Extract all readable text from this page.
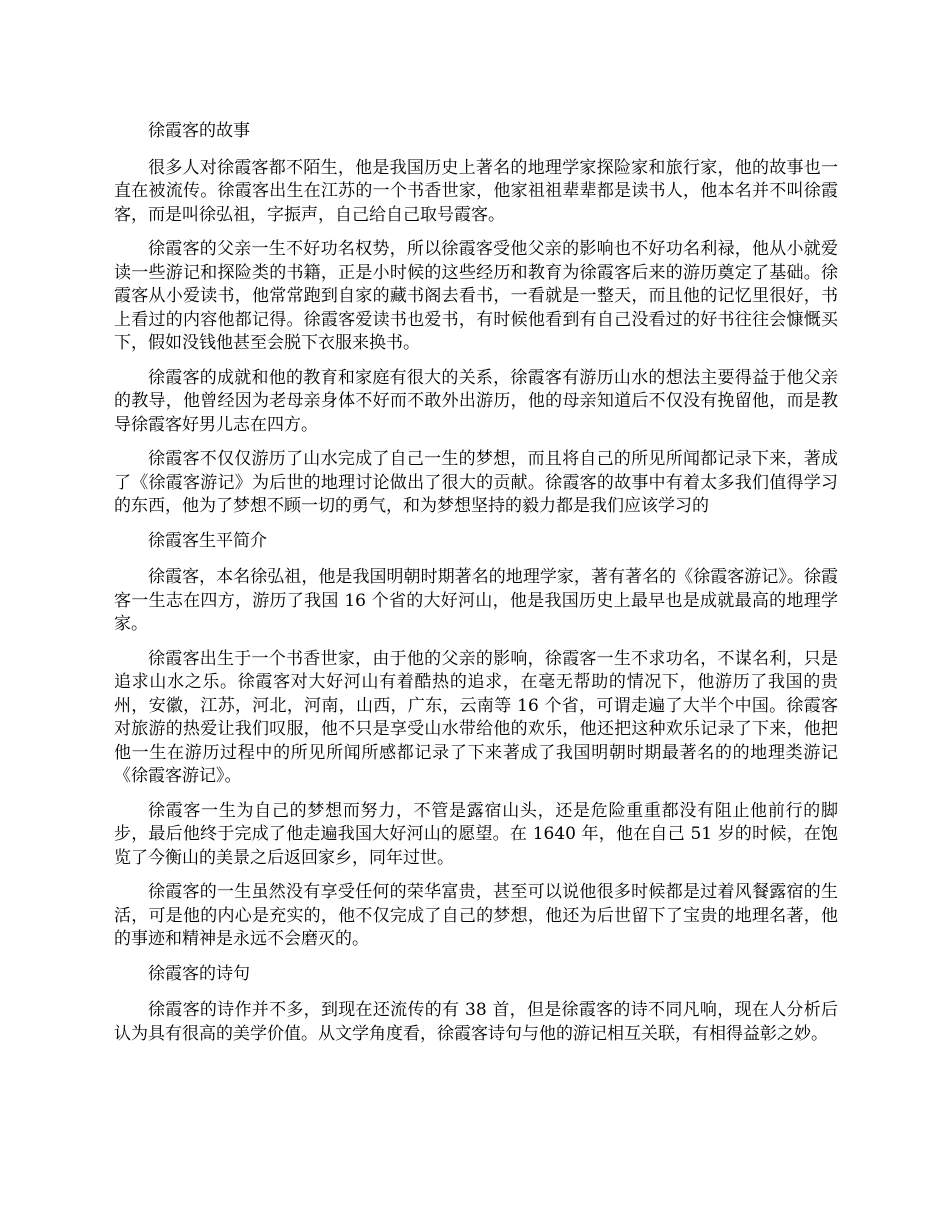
徐霞客的故事

很多人对徐霞客都不陌生，他是我国历史上著名的地理学家探险家和旅行家，他的故事也一直在被流传。徐霞客出生在江苏的一个书香世家，他家祖祖辈辈都是读书人，他本名并不叫徐霞客，而是叫徐弘祖，字振声，自己给自己取号霞客。

徐霞客的父亲一生不好功名权势，所以徐霞客受他父亲的影响也不好功名利禄，他从小就爱读一些游记和探险类的书籍，正是小时候的这些经历和教育为徐霞客后来的游历奠定了基础。徐霞客从小爱读书，他常常跑到自家的藏书阁去看书，一看就是一整天，而且他的记忆里很好，书上看过的内容他都记得。徐霞客爱读书也爱书，有时候他看到有自己没看过的好书往往会慷慨买下，假如没钱他甚至会脱下衣服来换书。

徐霞客的成就和他的教育和家庭有很大的关系，徐霞客有游历山水的想法主要得益于他父亲的教导，他曾经因为老母亲身体不好而不敢外出游历，他的母亲知道后不仅没有挽留他，而是教导徐霞客好男儿志在四方。

徐霞客不仅仅游历了山水完成了自己一生的梦想，而且将自己的所见所闻都记录下来，著成了《徐霞客游记》为后世的地理讨论做出了很大的贡献。徐霞客的故事中有着太多我们值得学习的东西，他为了梦想不顾一切的勇气，和为梦想坚持的毅力都是我们应该学习的

徐霞客生平简介

徐霞客，本名徐弘祖，他是我国明朝时期著名的地理学家，著有著名的《徐霞客游记》。徐霞客一生志在四方，游历了我国 16 个省的大好河山，他是我国历史上最早也是成就最高的地理学家。

徐霞客出生于一个书香世家，由于他的父亲的影响，徐霞客一生不求功名，不谋名利，只是追求山水之乐。徐霞客对大好河山有着酷热的追求，在毫无帮助的情况下，他游历了我国的贵州，安徽，江苏，河北，河南，山西，广东，云南等 16 个省，可谓走遍了大半个中国。徐霞客对旅游的热爱让我们叹服，他不只是享受山水带给他的欢乐，他还把这种欢乐记录了下来，他把他一生在游历过程中的所见所闻所感都记录了下来著成了我国明朝时期最著名的的地理类游记《徐霞客游记》。

徐霞客一生为自己的梦想而努力，不管是露宿山头，还是危险重重都没有阻止他前行的脚步，最后他终于完成了他走遍我国大好河山的愿望。在 1640 年，他在自己 51 岁的时候，在饱览了今衡山的美景之后返回家乡，同年过世。

徐霞客的一生虽然没有享受任何的荣华富贵，甚至可以说他很多时候都是过着风餐露宿的生活，可是他的内心是充实的，他不仅完成了自己的梦想，他还为后世留下了宝贵的地理名著，他的事迹和精神是永远不会磨灭的。

徐霞客的诗句

徐霞客的诗作并不多，到现在还流传的有 38 首，但是徐霞客的诗不同凡响，现在人分析后认为具有很高的美学价值。从文学角度看，徐霞客诗句与他的游记相互关联，有相得益彰之妙。
